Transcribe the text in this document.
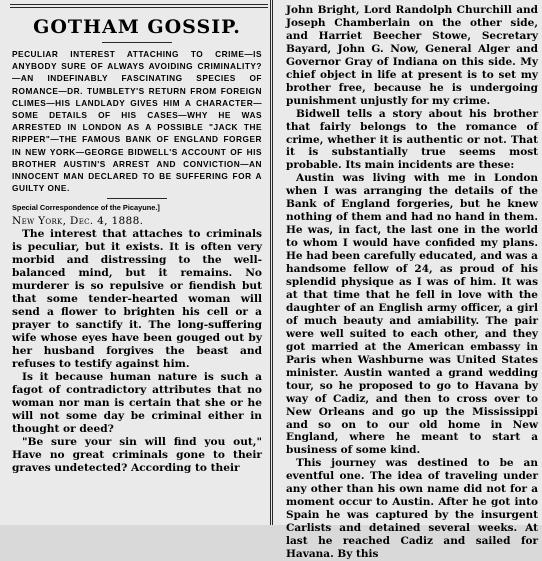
GOTHAM GOSSIP.

PECULIAR INTEREST ATTACHING TO CRIME—IS ANYBODY SURE OF ALWAYS AVOIDING CRIMINALITY?—AN INDEFINABLY FASCINATING SPECIES OF ROMANCE—DR. TUMBLETY'S RETURN FROM FOREIGN CLIMES—HIS LANDLADY GIVES HIM A CHARACTER—SOME DETAILS OF HIS CASES—WHY HE WAS ARRESTED IN LONDON AS A POSSIBLE "JACK THE RIPPER"—THE FAMOUS BANK OF ENGLAND FORGER IN NEW YORK—GEORGE BIDWELL'S ACCOUNT OF HIS BROTHER AUSTIN'S ARREST AND CONVICTION—AN INNOCENT MAN DECLARED TO BE SUFFERING FOR A GUILTY ONE.

Special Correspondence of the Picayune.]

New York, Dec. 4, 1888.

The interest that attaches to criminals is peculiar, but it exists. It is often very morbid and distressing to the well-balanced mind, but it remains. No murderer is so repulsive or fiendish but that some tender-hearted woman will send a flower to brighten his cell or a prayer to sanctify it. The long-suffering wife whose eyes have been gouged out by her husband forgives the beast and refuses to testify against him.

Is it because human nature is such a fagot of contradictory attributes that no woman nor man is certain that she or he will not some day be criminal either in thought or deed?

"Be sure your sin will find you out," Have no great criminals gone to their graves undetected? According to their

John Bright, Lord Randolph Churchill and Joseph Chamberlain on the other side, and Harriet Beecher Stowe, Secretary Bayard, John G. Now, General Alger and Governor Gray of Indiana on this side. My chief object in life at present is to set my brother free, because he is undergoing punishment unjustly for my crime.

Bidwell tells a story about his brother that fairly belongs to the romance of crime, whether it is authentic or not. That it is substantially true seems most probable. Its main incidents are these:

Austin was living with me in London when I was arranging the details of the Bank of England forgeries, but he knew nothing of them and had no hand in them. He was, in fact, the last one in the world to whom I would have confided my plans. He had been carefully educated, and was a handsome fellow of 24, as proud of his splendid physique as I was of him. It was at that time that he fell in love with the daughter of an English army officer, a girl of much beauty and amiability. The pair were well suited to each other, and they got married at the American embassy in Paris when Washburne was United States minister. Austin wanted a grand wedding tour, so he proposed to go to Havana by way of Cadiz, and then to cross over to New Orleans and go up the Mississippi and so on to our old home in New England, where he meant to start a business of some kind.

This journey was destined to be an eventful one. The idea of traveling under any other than his own name did not for a moment occur to Austin. After he got into Spain he was captured by the insurgent Carlists and detained several weeks. At last he reached Cadiz and sailed for Havana. By this
